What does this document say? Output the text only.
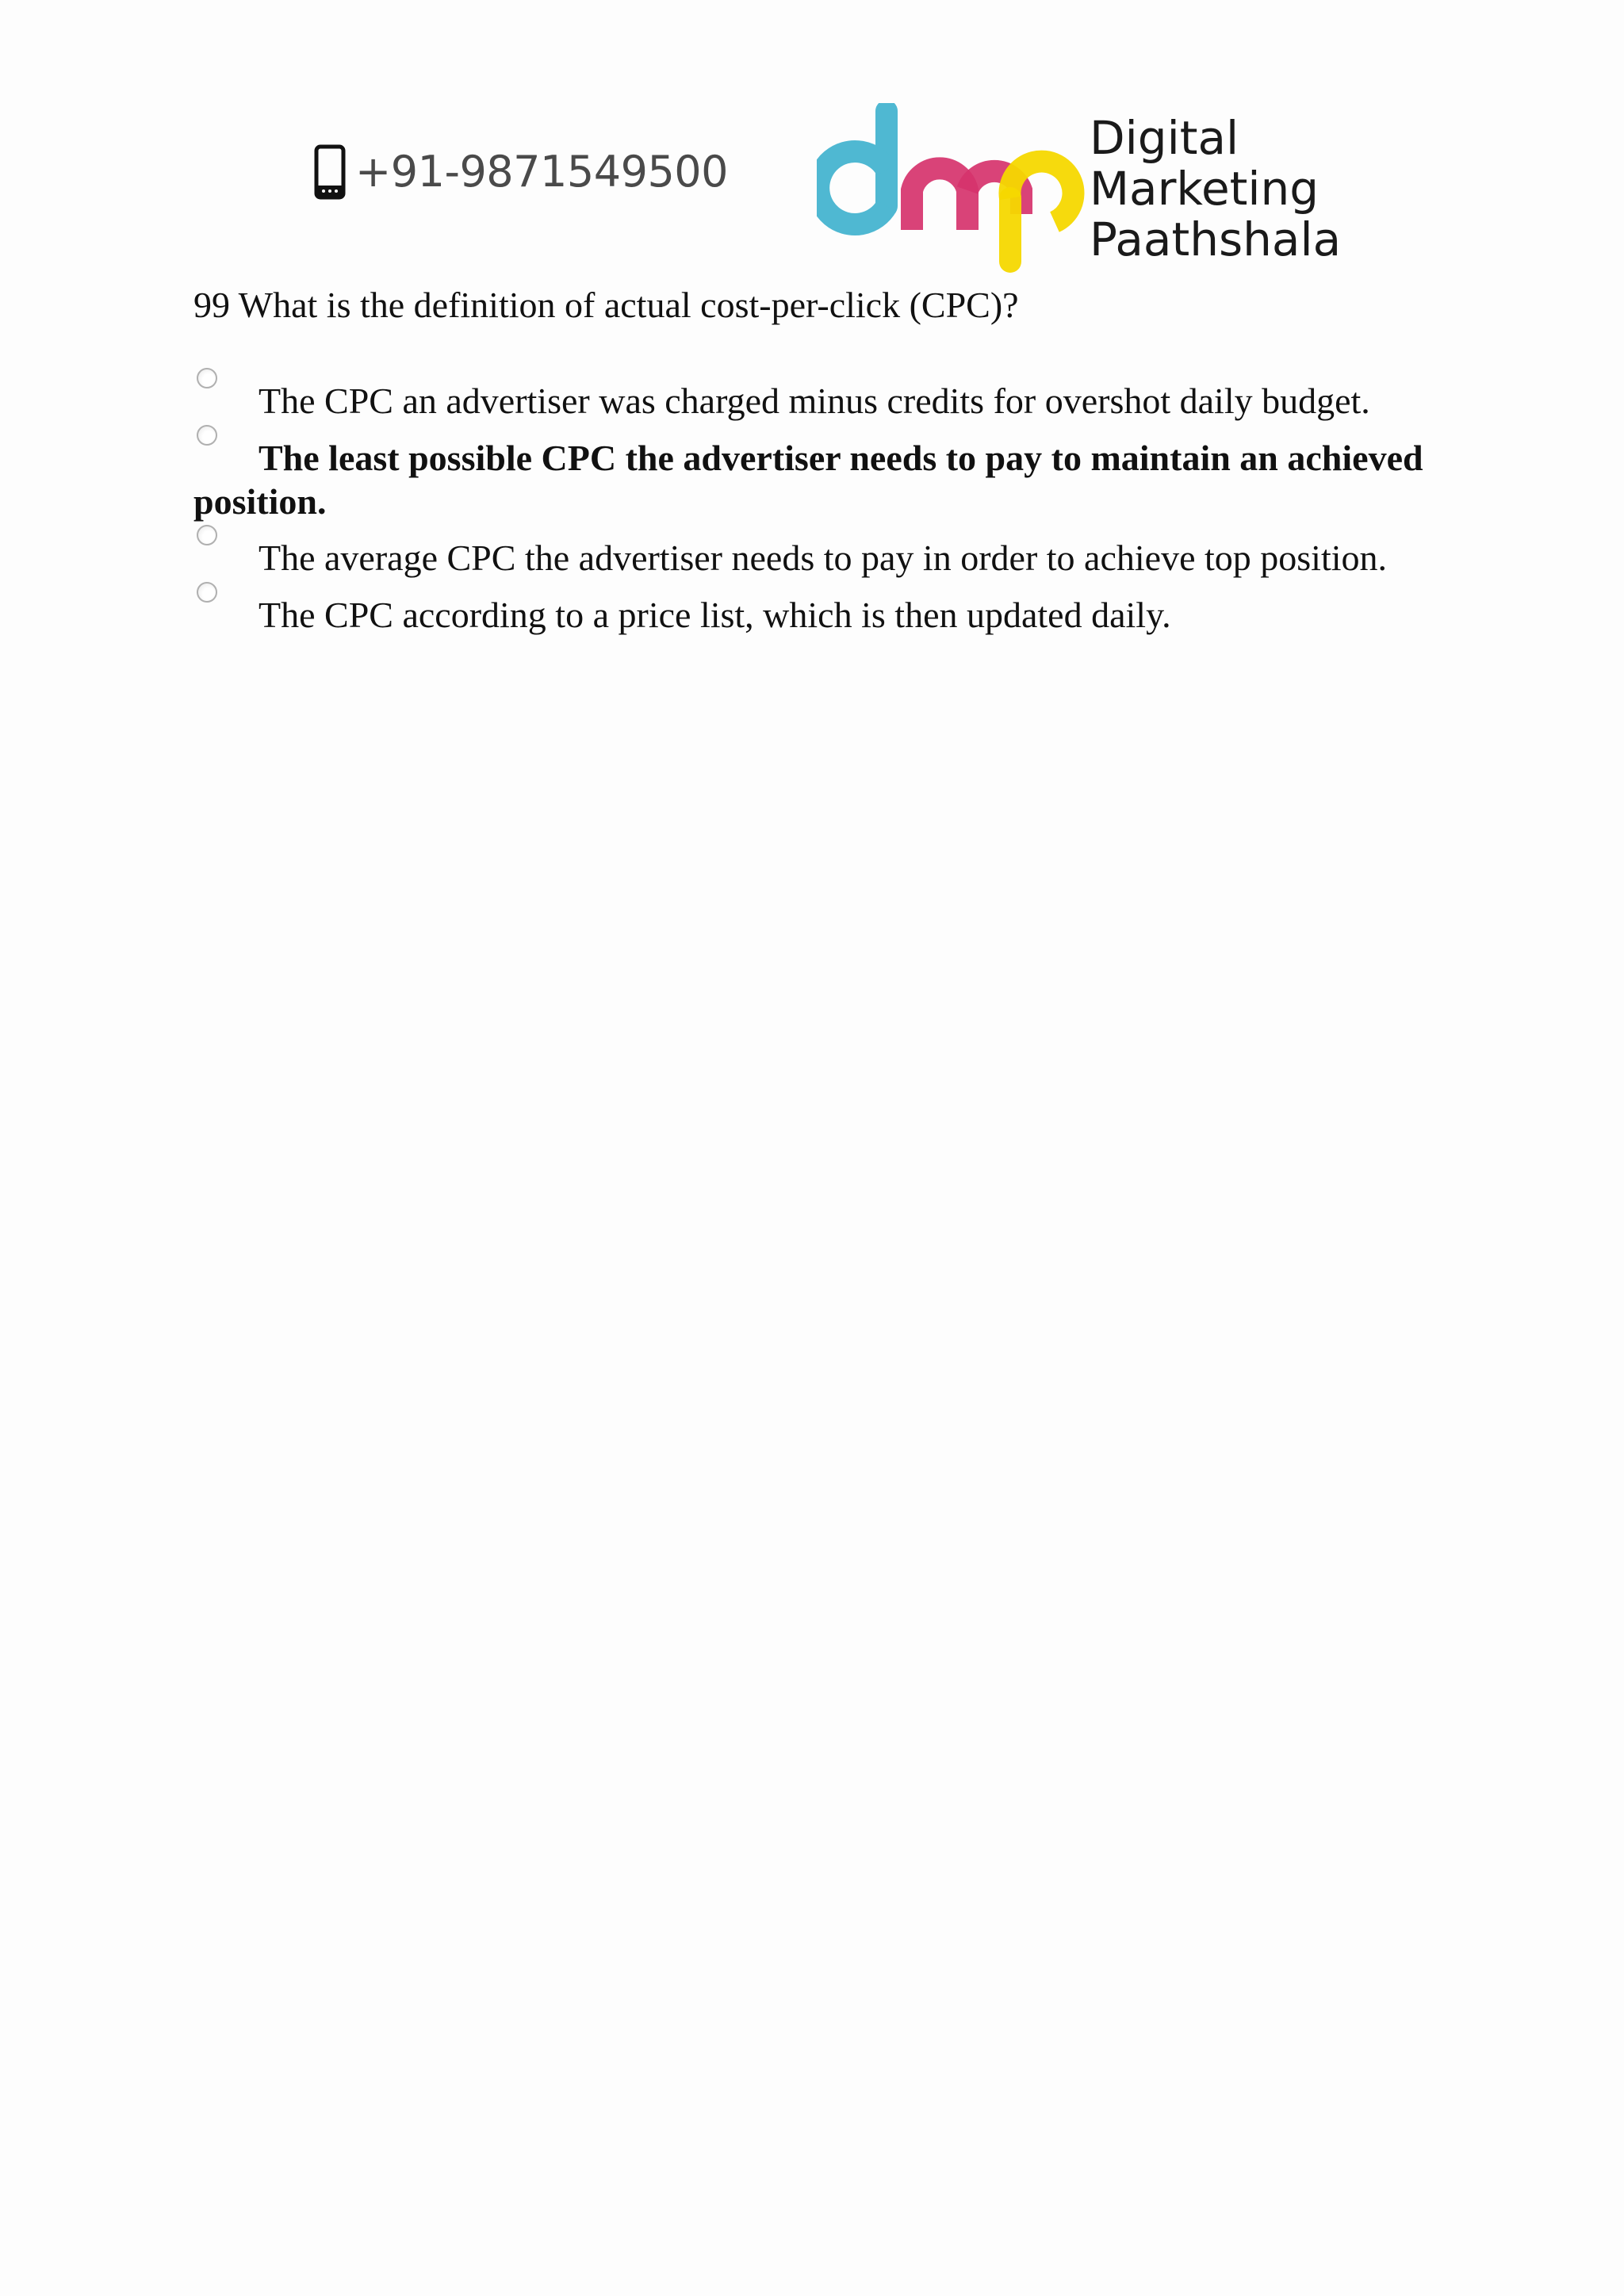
+91-9871549500
Digital
Marketing
Paathshala
99 What is the definition of actual cost-per-click (CPC)?
The CPC an advertiser was charged minus credits for overshot daily budget.
The least possible CPC the advertiser needs to pay to maintain an achieved position.
The average CPC the advertiser needs to pay in order to achieve top position.
The CPC according to a price list, which is then updated daily.
